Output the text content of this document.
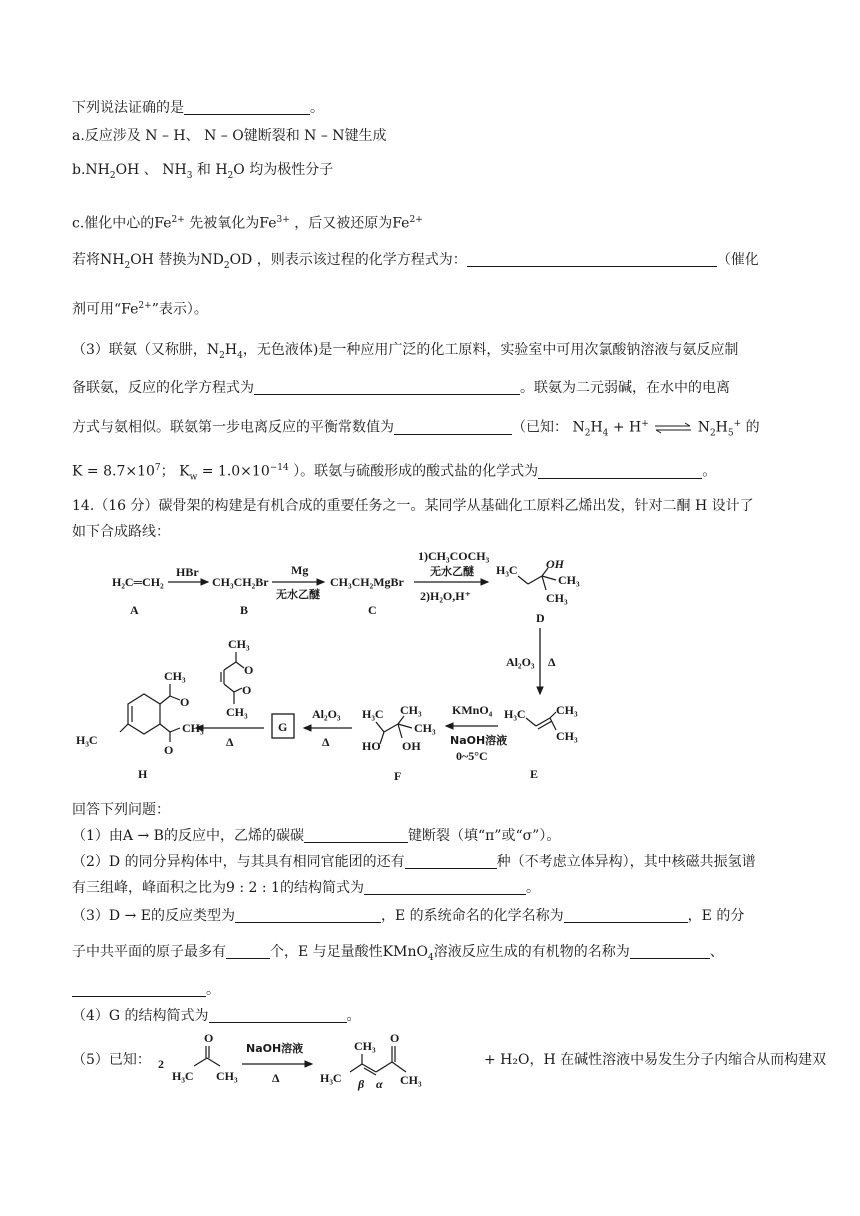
下列说法证确的是	。
a.反应涉及 N – H、 N – O键断裂和 N – N键生成
$b.NH_2OH$ 、 $NH_3$ 和 $H_2O$ 均为极性分子
c.催化中心的$Fe^{2+}$ 先被氧化为$Fe^{3+}$ ，后又被还原为$Fe^{2+}$
若将$NH_2OH$ 替换为$ND_2OD$ ，则表示该过程的化学方程式为：	（催化
剂可用“$Fe^{2+}$”表示）。
（3）联氨（又称肼，$N_2H_4$，无色液体)是一种应用广泛的化工原料，实验室中可用次氯酸钠溶液与氨反应制
备联氨，反应的化学方程式为	。联氨为二元弱碱，在水中的电离
方式与氨相似。联氨第一步电离反应的平衡常数值为	（已知： $N_2H_4 + H^+$ ⇌ $N_2H_5^+$ 的
$K = 8.7\times 10^7$； $K_w = 1.0\times 10^{-14}$ ）。联氨与硫酸形成的酸式盐的化学式为	。
14.（16 分）碳骨架的构建是有机合成的重要任务之一。某同学从基础化工原料乙烯出发，针对二酮 H 设计了
如下合成路线：
H₂C═CH₂
A
HBr
CH₃CH₂Br
B
Mg
无水乙醚
CH₃CH₂MgBr
C
1)CH₃COCH₃
无水乙醚
2)H₂O,H⁺
H₃C OH
CH₃
CH₃
D
Al₂O₃ Δ
H₃C	CH₃
CH₃
E
KMnO₄
NaOH溶液
0~5°C
H₃C CH₃
CH₃
HO OH
F
Al₂O₃
Δ
G
Δ
CH₃
O
O
CH₃
CH₃
O
CH₃
O
H₃C
H
回答下列问题：
（1）由A → B的反应中，乙烯的碳碳	键断裂（填“π”或“σ”）。
（2）D 的同分异构体中，与其具有相同官能团的还有	种（不考虑立体异构），其中核磁共振氢谱
有三组峰，峰面积之比为9 : 2 : 1的结构简式为	。
（3）D → E的反应类型为	，E 的系统命名的化学名称为	，E 的分
子中共平面的原子最多有	个，E 与足量酸性KMnO$_4$溶液反应生成的有机物的名称为	、
。
（4）G 的结构简式为	。
（5）已知： 2
O
H₃C CH₃
NaOH溶液
Δ
CH₃
O
H₃C	CH₃
β α
+ H₂O，H 在碱性溶液中易发生分子内缩合从而构建双
